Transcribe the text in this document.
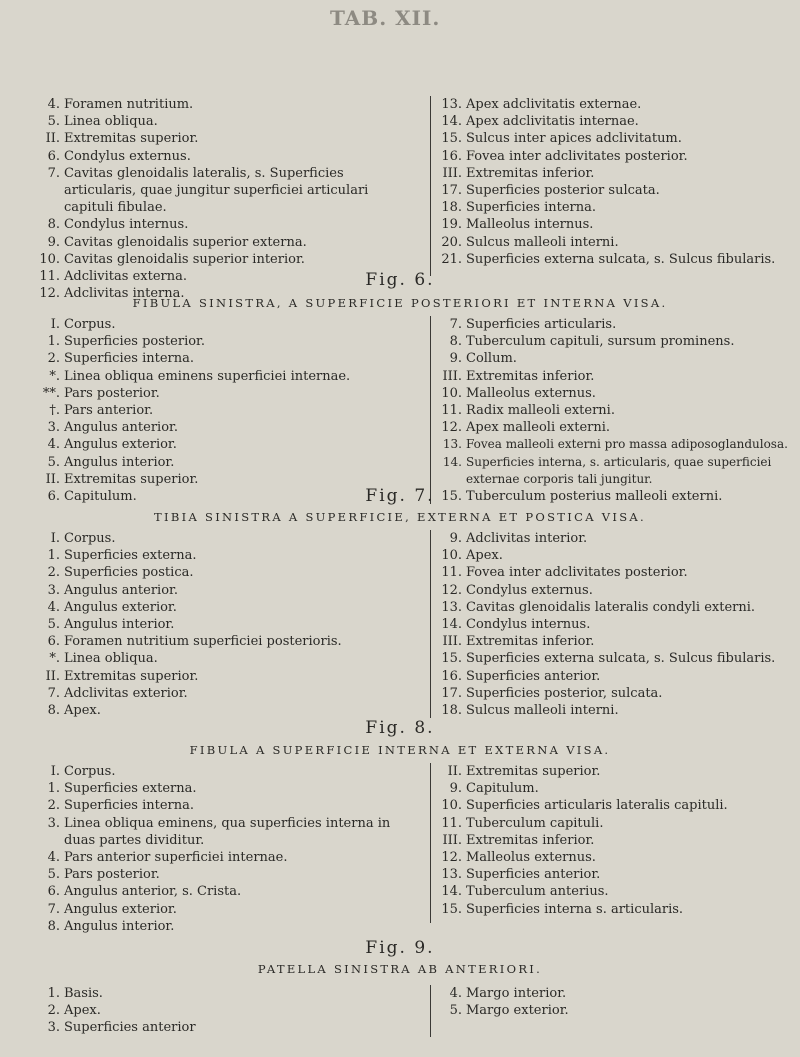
TAB. XII.
4. Foramen nutritium.
5. Linea obliqua.
II. Extremitas superior.
6. Condylus externus.
7. Cavitas glenoidalis lateralis, s. Superficies articularis, quae jungitur superficiei articulari capituli fibulae.
8. Condylus internus.
9. Cavitas glenoidalis superior externa.
10. Cavitas glenoidalis superior interior.
11. Adclivitas externa.
12. Adclivitas interna.
13. Apex adclivitatis externae.
14. Apex adclivitatis internae.
15. Sulcus inter apices adclivitatum.
16. Fovea inter adclivitates posterior.
III. Extremitas inferior.
17. Superficies posterior sulcata.
18. Superficies interna.
19. Malleolus internus.
20. Sulcus malleoli interni.
21. Superficies externa sulcata, s. Sulcus fibularis.
Fig. 6.
FIBULA SINISTRA, A SUPERFICIE POSTERIORI ET INTERNA VISA.
I. Corpus.
1. Superficies posterior.
2. Superficies interna.
*. Linea obliqua eminens superficiei internae.
**. Pars posterior.
†. Pars anterior.
3. Angulus anterior.
4. Angulus exterior.
5. Angulus interior.
II. Extremitas superior.
6. Capitulum.
7. Superficies articularis.
8. Tuberculum capituli, sursum prominens.
9. Collum.
III. Extremitas inferior.
10. Malleolus externus.
11. Radix malleoli externi.
12. Apex malleoli externi.
13. Fovea malleoli externi pro massa adiposoglandulosa.
14. Superficies interna, s. articularis, quae superficiei externae corporis tali jungitur.
15. Tuberculum posterius malleoli externi.
Fig. 7.
TIBIA SINISTRA A SUPERFICIE, EXTERNA ET POSTICA VISA.
I. Corpus.
1. Superficies externa.
2. Superficies postica.
3. Angulus anterior.
4. Angulus exterior.
5. Angulus interior.
6. Foramen nutritium superficiei posterioris.
*. Linea obliqua.
II. Extremitas superior.
7. Adclivitas exterior.
8. Apex.
9. Adclivitas interior.
10. Apex.
11. Fovea inter adclivitates posterior.
12. Condylus externus.
13. Cavitas glenoidalis lateralis condyli externi.
14. Condylus internus.
III. Extremitas inferior.
15. Superficies externa sulcata, s. Sulcus fibularis.
16. Superficies anterior.
17. Superficies posterior, sulcata.
18. Sulcus malleoli interni.
Fig. 8.
FIBULA A SUPERFICIE INTERNA ET EXTERNA VISA.
I. Corpus.
1. Superficies externa.
2. Superficies interna.
3. Linea obliqua eminens, qua superficies interna in duas partes dividitur.
4. Pars anterior superficiei internae.
5. Pars posterior.
6. Angulus anterior, s. Crista.
7. Angulus exterior.
8. Angulus interior.
II. Extremitas superior.
9. Capitulum.
10. Superficies articularis lateralis capituli.
11. Tuberculum capituli.
III. Extremitas inferior.
12. Malleolus externus.
13. Superficies anterior.
14. Tuberculum anterius.
15. Superficies interna s. articularis.
Fig. 9.
PATELLA SINISTRA AB ANTERIORI.
1. Basis.
2. Apex.
3. Superficies anterior
4. Margo interior.
5. Margo exterior.
